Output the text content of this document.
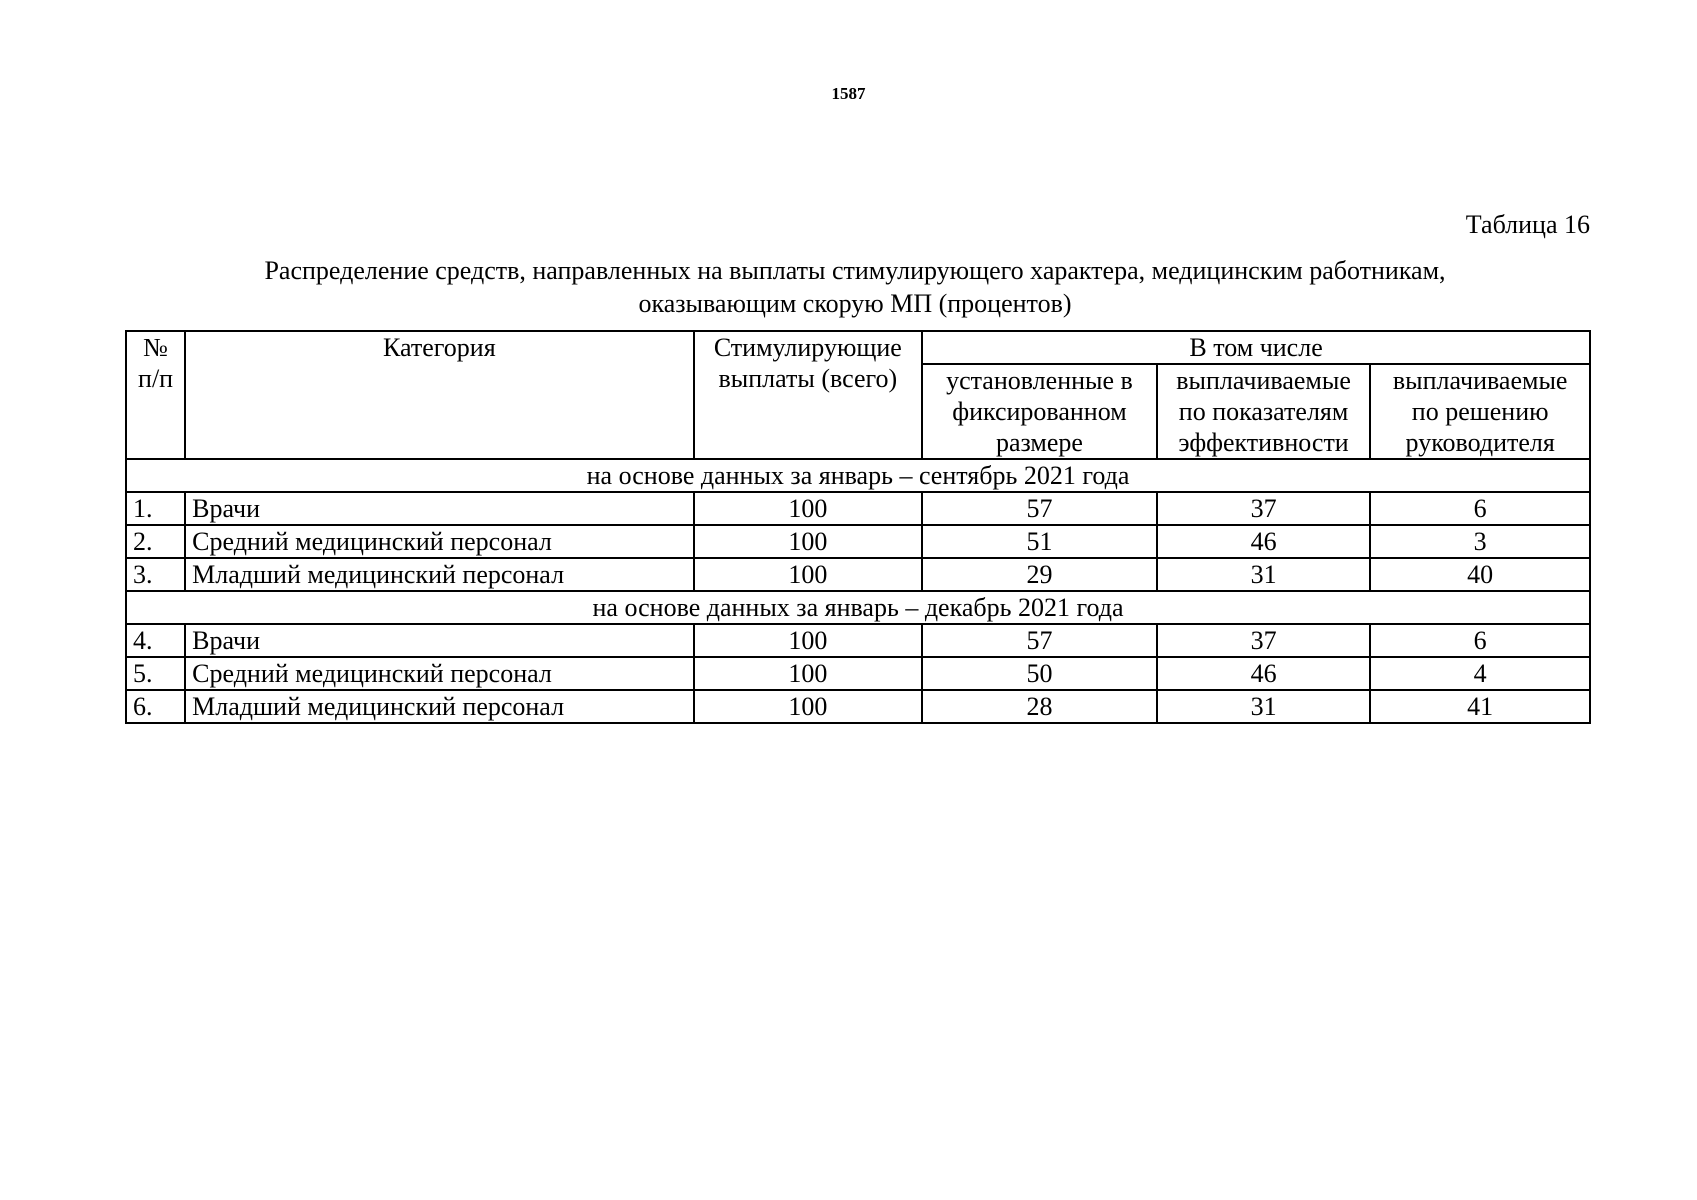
1587
Таблица 16
Распределение средств, направленных на выплаты стимулирующего характера, медицинским работникам,
оказывающим скорую МП (процентов)
№ п/п	Категория	Стимулирующие выплаты (всего)	В том числе		
			установленные в фиксированном размере	выплачиваемые по показателям эффективности	выплачиваемые по решению руководителя
на основе данных за январь – сентябрь 2021 года					
1.	Врачи	100	57	37	6
2.	Средний медицинский персонал	100	51	46	3
3.	Младший медицинский персонал	100	29	31	40
на основе данных за январь – декабрь 2021 года					
4.	Врачи	100	57	37	6
5.	Средний медицинский персонал	100	50	46	4
6.	Младший медицинский персонал	100	28	31	41
